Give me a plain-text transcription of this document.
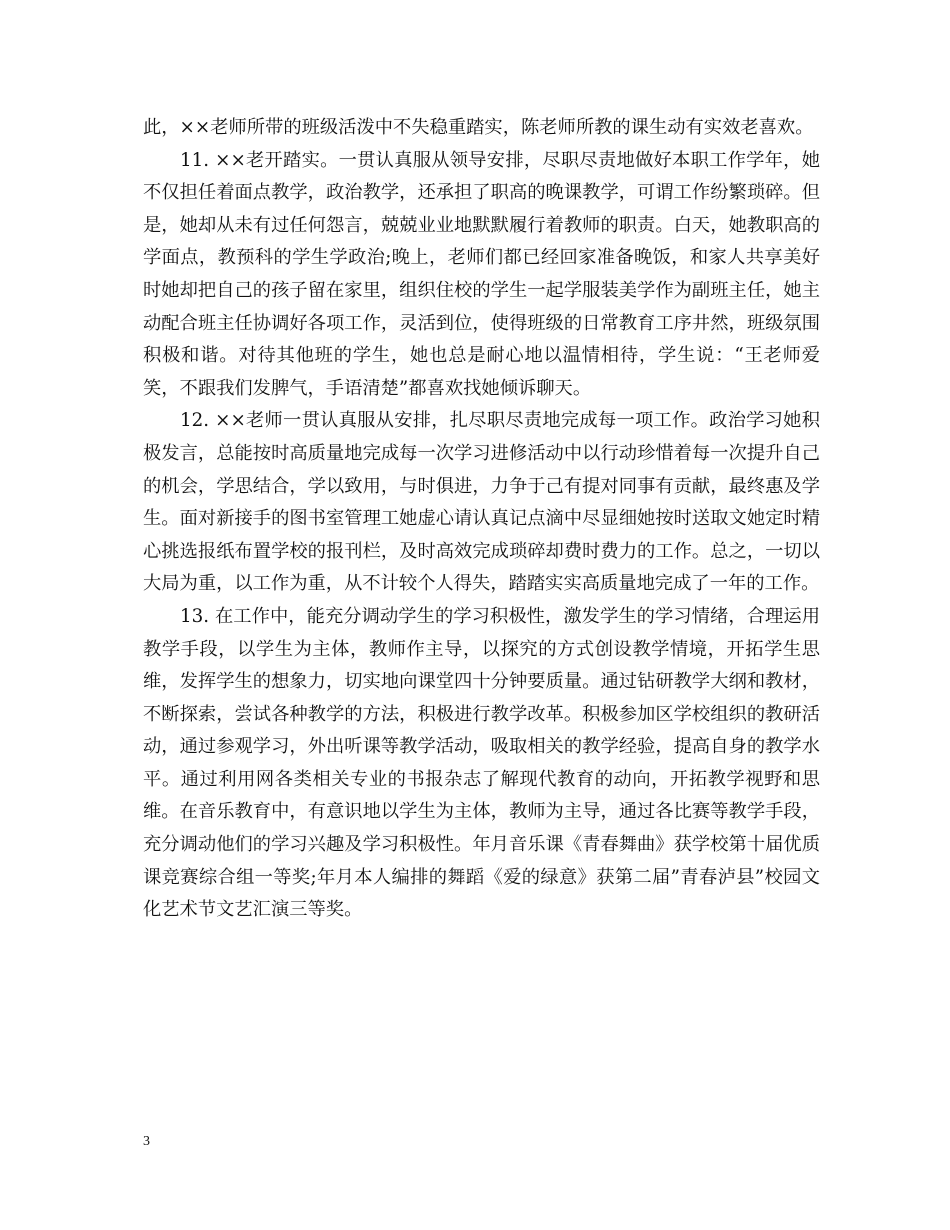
此，××老师所带的班级活泼中不失稳重踏实，陈老师所教的课生动有实效老喜欢。

11. ××老开踏实。一贯认真服从领导安排，尽职尽责地做好本职工作学年，她不仅担任着面点教学，政治教学，还承担了职高的晚课教学，可谓工作纷繁琐碎。但是，她却从未有过任何怨言，兢兢业业地默默履行着教师的职责。白天，她教职高的学面点，教预科的学生学政治;晚上，老师们都已经回家准备晚饭，和家人共享美好时她却把自己的孩子留在家里，组织住校的学生一起学服装美学作为副班主任，她主动配合班主任协调好各项工作，灵活到位，使得班级的日常教育工序井然，班级氛围积极和谐。对待其他班的学生，她也总是耐心地以温情相待，学生说：“王老师爱笑，不跟我们发脾气，手语清楚”都喜欢找她倾诉聊天。

12. ××老师一贯认真服从安排，扎尽职尽责地完成每一项工作。政治学习她积极发言，总能按时高质量地完成每一次学习进修活动中以行动珍惜着每一次提升自己的机会，学思结合，学以致用，与时俱进，力争于己有提对同事有贡献，最终惠及学生。面对新接手的图书室管理工她虚心请认真记点滴中尽显细她按时送取文她定时精心挑选报纸布置学校的报刊栏，及时高效完成琐碎却费时费力的工作。总之，一切以大局为重，以工作为重，从不计较个人得失，踏踏实实高质量地完成了一年的工作。

13. 在工作中，能充分调动学生的学习积极性，激发学生的学习情绪，合理运用教学手段，以学生为主体，教师作主导，以探究的方式创设教学情境，开拓学生思维，发挥学生的想象力，切实地向课堂四十分钟要质量。通过钻研教学大纲和教材，不断探索，尝试各种教学的方法，积极进行教学改革。积极参加区学校组织的教研活动，通过参观学习，外出听课等教学活动，吸取相关的教学经验，提高自身的教学水平。通过利用网各类相关专业的书报杂志了解现代教育的动向，开拓教学视野和思维。在音乐教育中，有意识地以学生为主体，教师为主导，通过各比赛等教学手段，充分调动他们的学习兴趣及学习积极性。年月音乐课《青春舞曲》获学校第十届优质课竞赛综合组一等奖;年月本人编排的舞蹈《爱的绿意》获第二届”青春泸县”校园文化艺术节文艺汇演三等奖。

3
